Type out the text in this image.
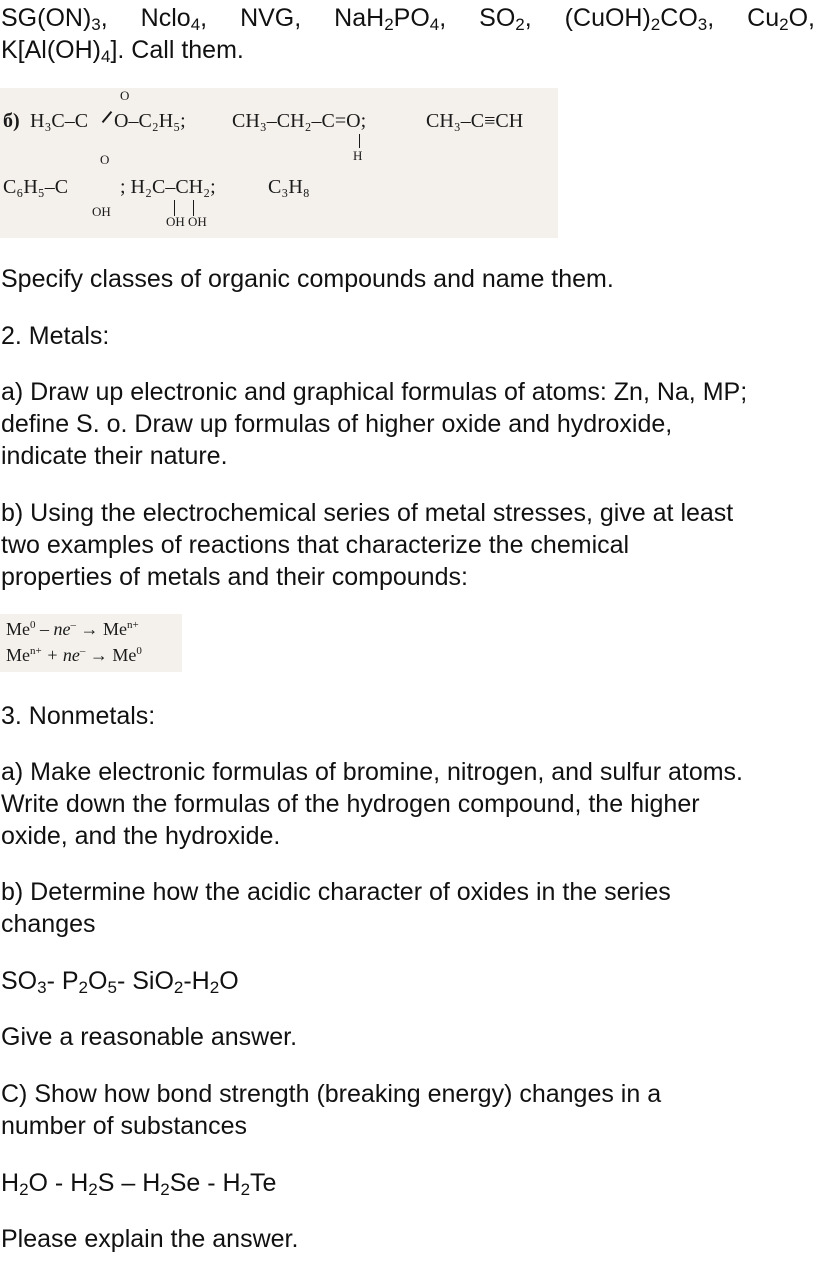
$SG(ON)_3$, Nclo$_4$, NVG, $NaH_2PO_4$, $SO_2$, $(CuOH)_2CO_3$, $Cu_2O$,

$K[Al(OH)_4]$. Call them.

б) H₃C–C
O
O–C₂H₅; CH₃–CH₂–C=O;
H
CH₃–C≡CH
C₆H₅–C
O
OH
; H₂C–CH₂;
OH OH
C₃H₈

Specify classes of organic compounds and name them.

2. Metals:

a) Draw up electronic and graphical formulas of atoms: Zn, Na, MP;
define S. o. Draw up formulas of higher oxide and hydroxide,
indicate their nature.

b) Using the electrochemical series of metal stresses, give at least
two examples of reactions that characterize the chemical
properties of metals and their compounds:

$Me^0 - ne^- \to Me^{n+}$
$Me^{n+} + ne^- \to Me^0$

3. Nonmetals:

a) Make electronic formulas of bromine, nitrogen, and sulfur atoms.
Write down the formulas of the hydrogen compound, the higher
oxide, and the hydroxide.

b) Determine how the acidic character of oxides in the series
changes

$SO_3-$ $P_2O_5-$ $SiO_2-H_2O$

Give a reasonable answer.

C) Show how bond strength (breaking energy) changes in a
number of substances

$H_2O - H_2S - H_2Se - H_2Te$

Please explain the answer.
